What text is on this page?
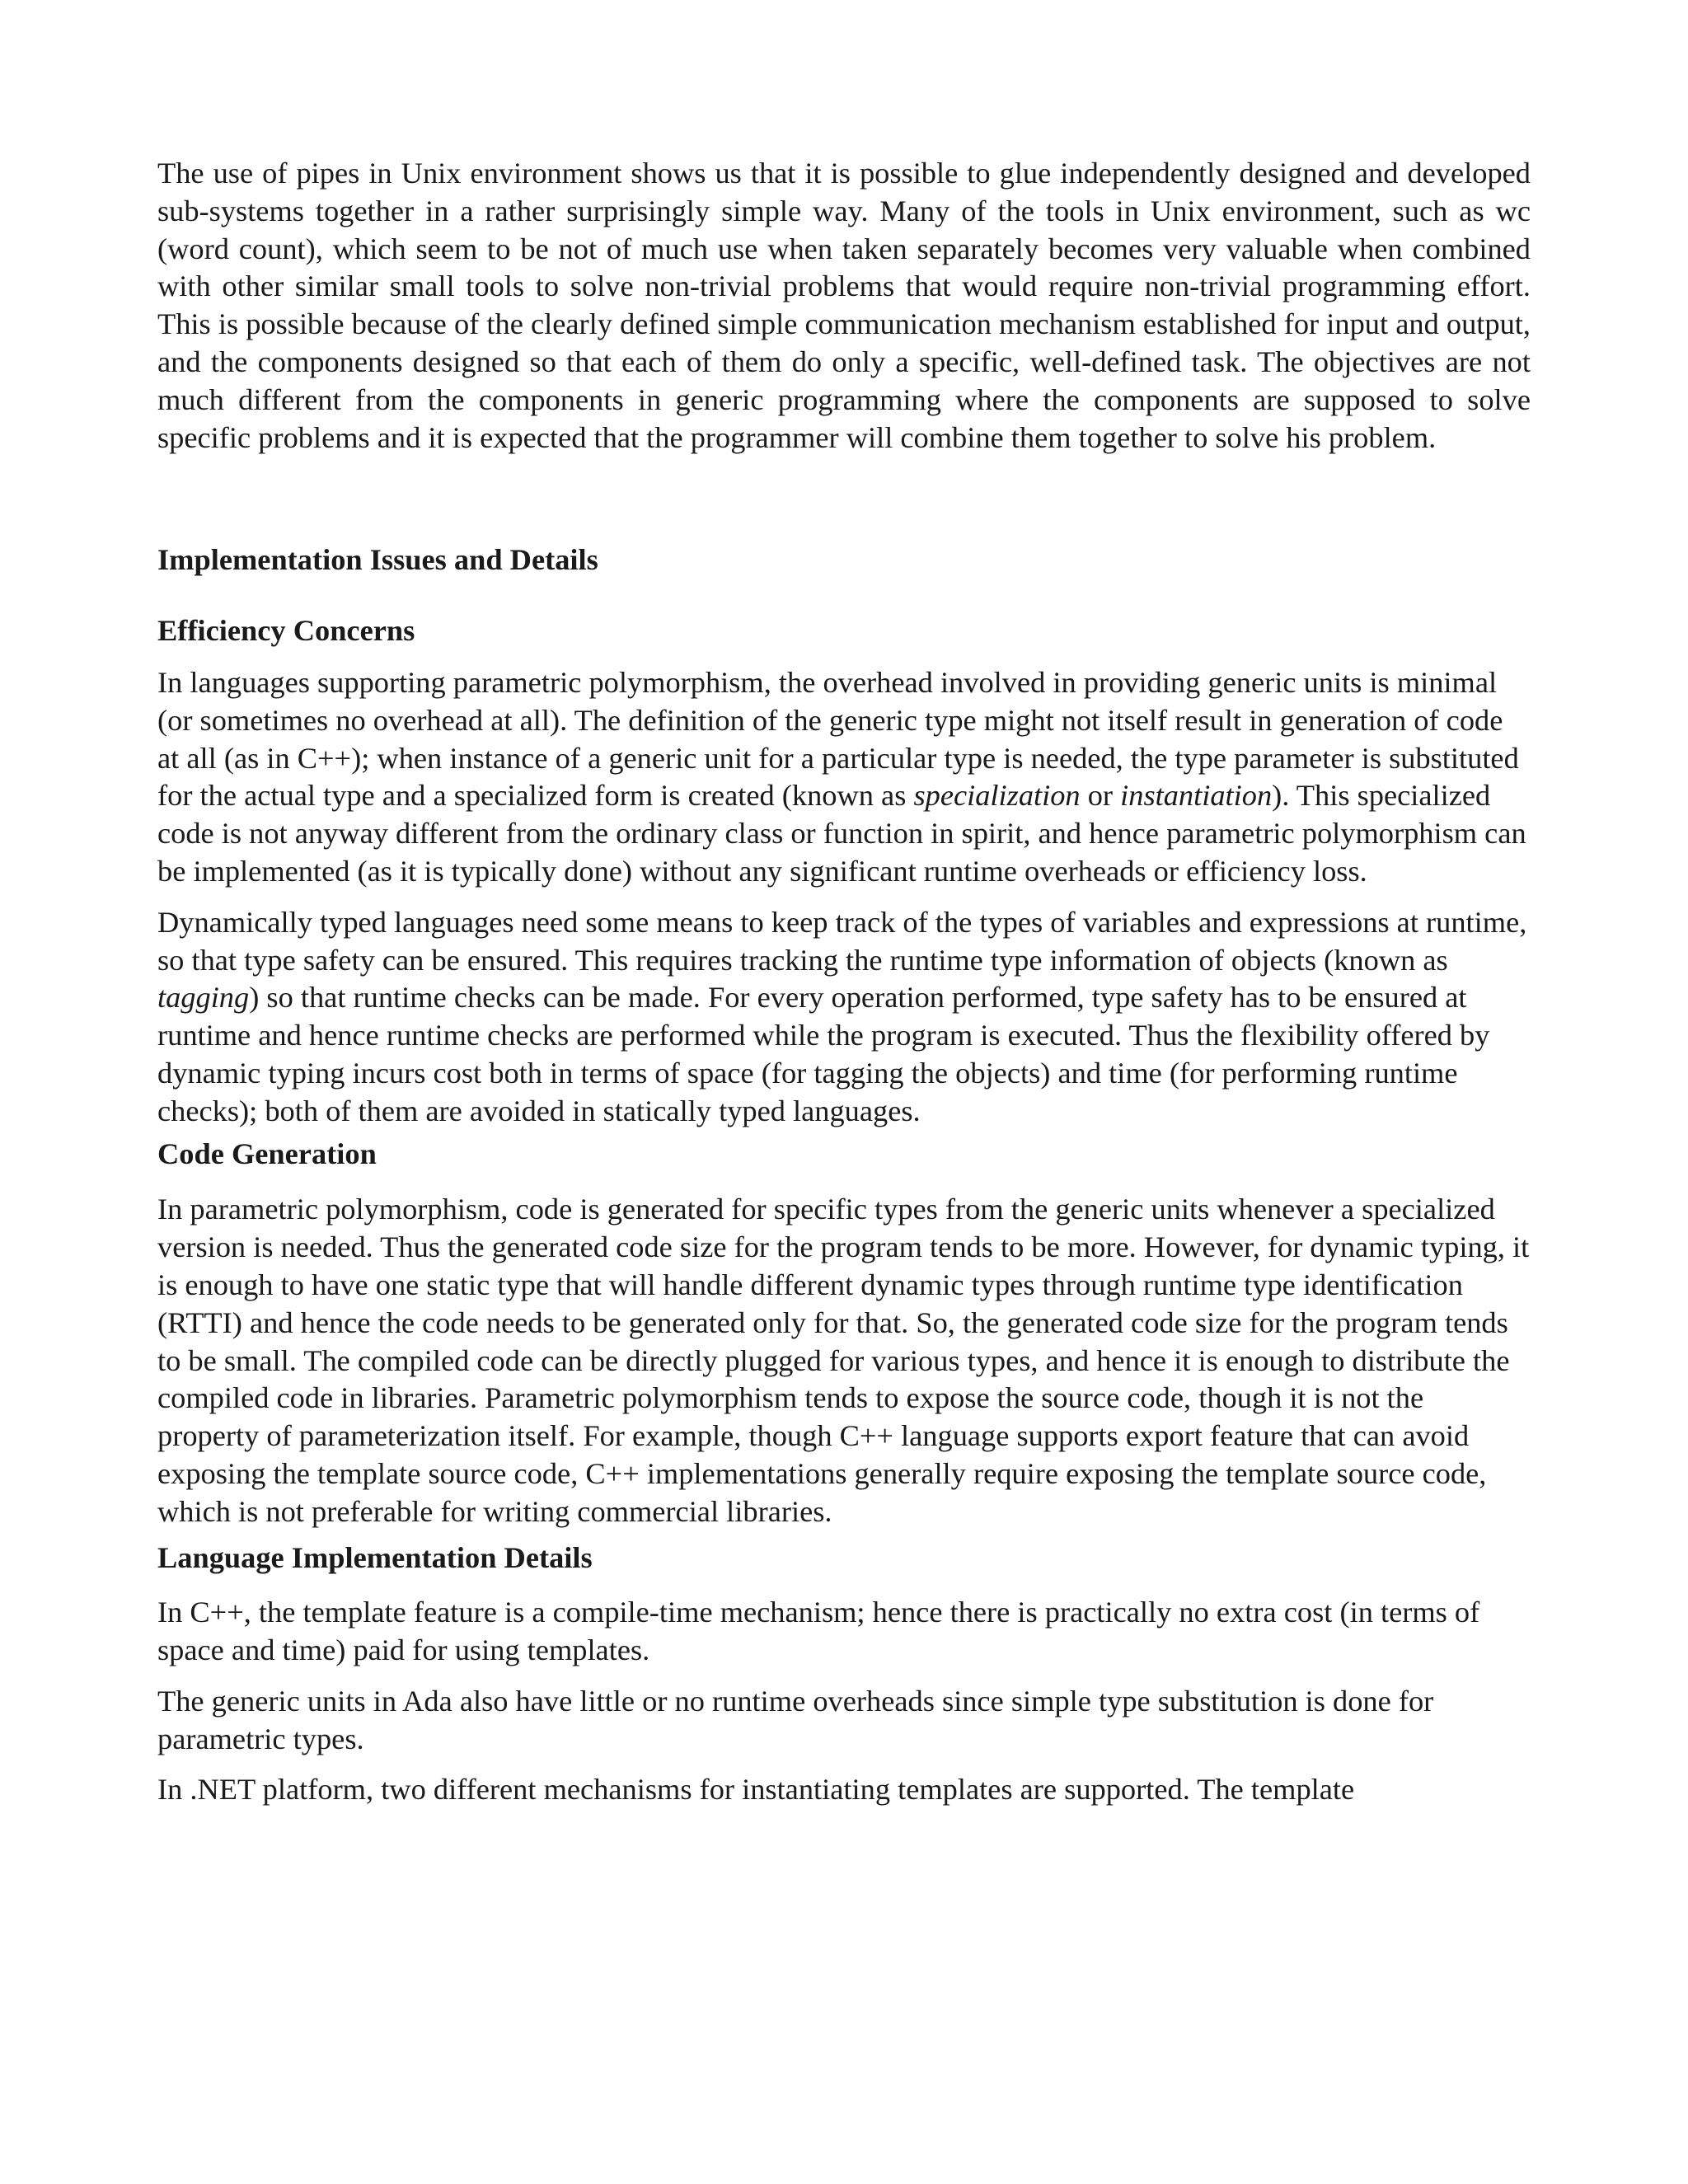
The use of pipes in Unix environment shows us that it is possible to glue independently designed and developed sub-systems together in a rather surprisingly simple way. Many of the tools in Unix environment, such as wc (word count), which seem to be not of much use when taken separately becomes very valuable when combined with other similar small tools to solve non-trivial problems that would require non-trivial programming effort. This is possible because of the clearly defined simple communication mechanism established for input and output, and the components designed so that each of them do only a specific, well-defined task. The objectives are not much different from the components in generic programming where the components are supposed to solve specific problems and it is expected that the programmer will combine them together to solve his problem.

Implementation Issues and Details
Efficiency Concerns

In languages supporting parametric polymorphism, the overhead involved in providing generic units is minimal (or sometimes no overhead at all). The definition of the generic type might not itself result in generation of code at all (as in C++); when instance of a generic unit for a particular type is needed, the type parameter is substituted for the actual type and a specialized form is created (known as specialization or instantiation). This specialized code is not anyway different from the ordinary class or function in spirit, and hence parametric polymorphism can be implemented (as it is typically done) without any significant runtime overheads or efficiency loss.

Dynamically typed languages need some means to keep track of the types of variables and expressions at runtime, so that type safety can be ensured. This requires tracking the runtime type information of objects (known as tagging) so that runtime checks can be made. For every operation performed, type safety has to be ensured at runtime and hence runtime checks are performed while the program is executed. Thus the flexibility offered by dynamic typing incurs cost both in terms of space (for tagging the objects) and time (for performing runtime checks); both of them are avoided in statically typed languages.

Code Generation

In parametric polymorphism, code is generated for specific types from the generic units whenever a specialized version is needed. Thus the generated code size for the program tends to be more. However, for dynamic typing, it is enough to have one static type that will handle different dynamic types through runtime type identification (RTTI) and hence the code needs to be generated only for that. So, the generated code size for the program tends to be small. The compiled code can be directly plugged for various types, and hence it is enough to distribute the compiled code in libraries. Parametric polymorphism tends to expose the source code, though it is not the property of parameterization itself. For example, though C++ language supports export feature that can avoid exposing the template source code, C++ implementations generally require exposing the template source code, which is not preferable for writing commercial libraries.

Language Implementation Details

In C++, the template feature is a compile-time mechanism; hence there is practically no extra cost (in terms of space and time) paid for using templates.

The generic units in Ada also have little or no runtime overheads since simple type substitution is done for parametric types.

In .NET platform, two different mechanisms for instantiating templates are supported. The template
